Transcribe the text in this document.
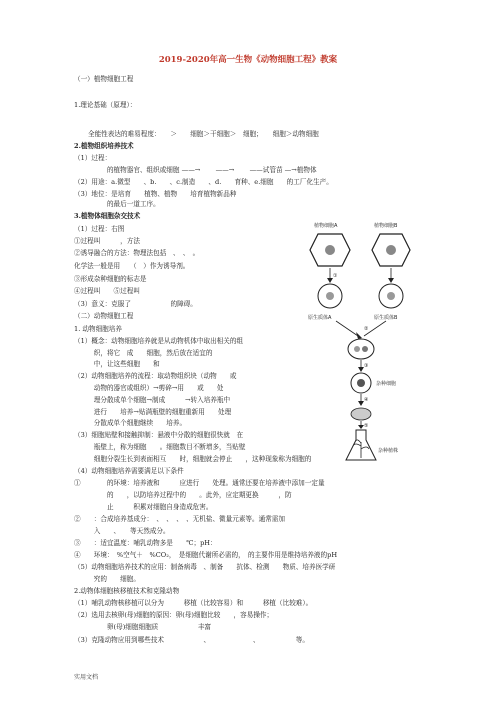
2019-2020年高一生物《动物细胞工程》教案
（一）植物细胞工程
1.理论基础（原理）：
全能性表达的难易程度：　　＞　　细胞＞干细胞＞　细胞；　　细胞＞动物细胞
2.植物组织培养技术
（1）过程：
　　　　　的植物器官、组织或细胞 ——→ 　　——→ 　　——试管苗 —→植物体
（2）用途：a.微型　　、b.　　、c.制造　　、d.　　育种、e.细胞　　的工厂化生产。
（3）地位：是培育　　植物、植物　　培育植物新品种
　　　　　的最后一道工序。
3.植物体细胞杂交技术
（1）过程：右图
①过程叫　　　，方法
②诱导融合的方法：物理法包括　、　、　。
化学法一般是用　　（　）作为诱导剂。
③形成杂种细胞的标志是
④过程叫　　⑤过程叫
（3）意义：克服了　　　　　　的障碍。
（二）动物细胞工程
1. 动物细胞培养
（1）概念：动物细胞培养就是从动物机体中取出相关的组
　　　织，将它　成　　细胞，然后放在适宜的
　　　中，让这些细胞　　和
（2）动物细胞培养的流程：取动物组织块（动物　　或
　　　动物的器官或组织）→剪碎→用　　或　　处
　　　理分散成单个细胞→制成　　　→转入培养瓶中
　　　进行　　培养→贴满瓶壁的细胞重新用　　处理
　　　分散成单个细胞继续　　培养。
（3）细胞贴壁和接触抑制：悬液中分散的细胞很快就　在
　　　瓶壁上，称为细胞　　。细胞数目不断增多，当贴壁
　　　细胞分裂生长到表面相互　　时，细胞就会停止　　，这种现象称为细胞的
（4）动物细胞培养需要满足以下条件
①　　　　的环境：培养液和　　　应进行　　处理。通常还要在培养液中添加一定量
　　　　　的　　，以防培养过程中的　　。此外，应定期更换　　　，防
　　　　　止　　　积累对细胞自身造成危害。
②　　：合成培养基成分：　、　、　、　、无机盐、微量元素等。通常需加
　　　入　　、　　等天然成分。
③　　：适宜温度：哺乳动物多是　　℃；pH：
④　　环境：　%空气＋　%CO₂，　是细胞代谢所必需的，　的主要作用是维持培养液的pH
（5）动物细胞培养技术的应用：制备病毒　、制备　　抗体、检测　　物质、培养医学研
　　　究的　　细胞。
2.动物体细胞核移植技术和克隆动物
（1）哺乳动物核移植可以分为　　　移植（比较容易）和　　　移植（比较难）。
（2）选用去核卵(母)细胞的原因：卵(母)细胞比较　　，容易操作；
　　　　　卵(母)细胞细胞质　　　　　　丰富
（3）克隆动物应用到哪些技术　　　　　　、　　　　　　　、　　　　　　等。
植物细胞A	植物细胞B
①
原生质体A	原生质体B
②
③
杂种细胞
④
⑤
杂种植株
实用文档
